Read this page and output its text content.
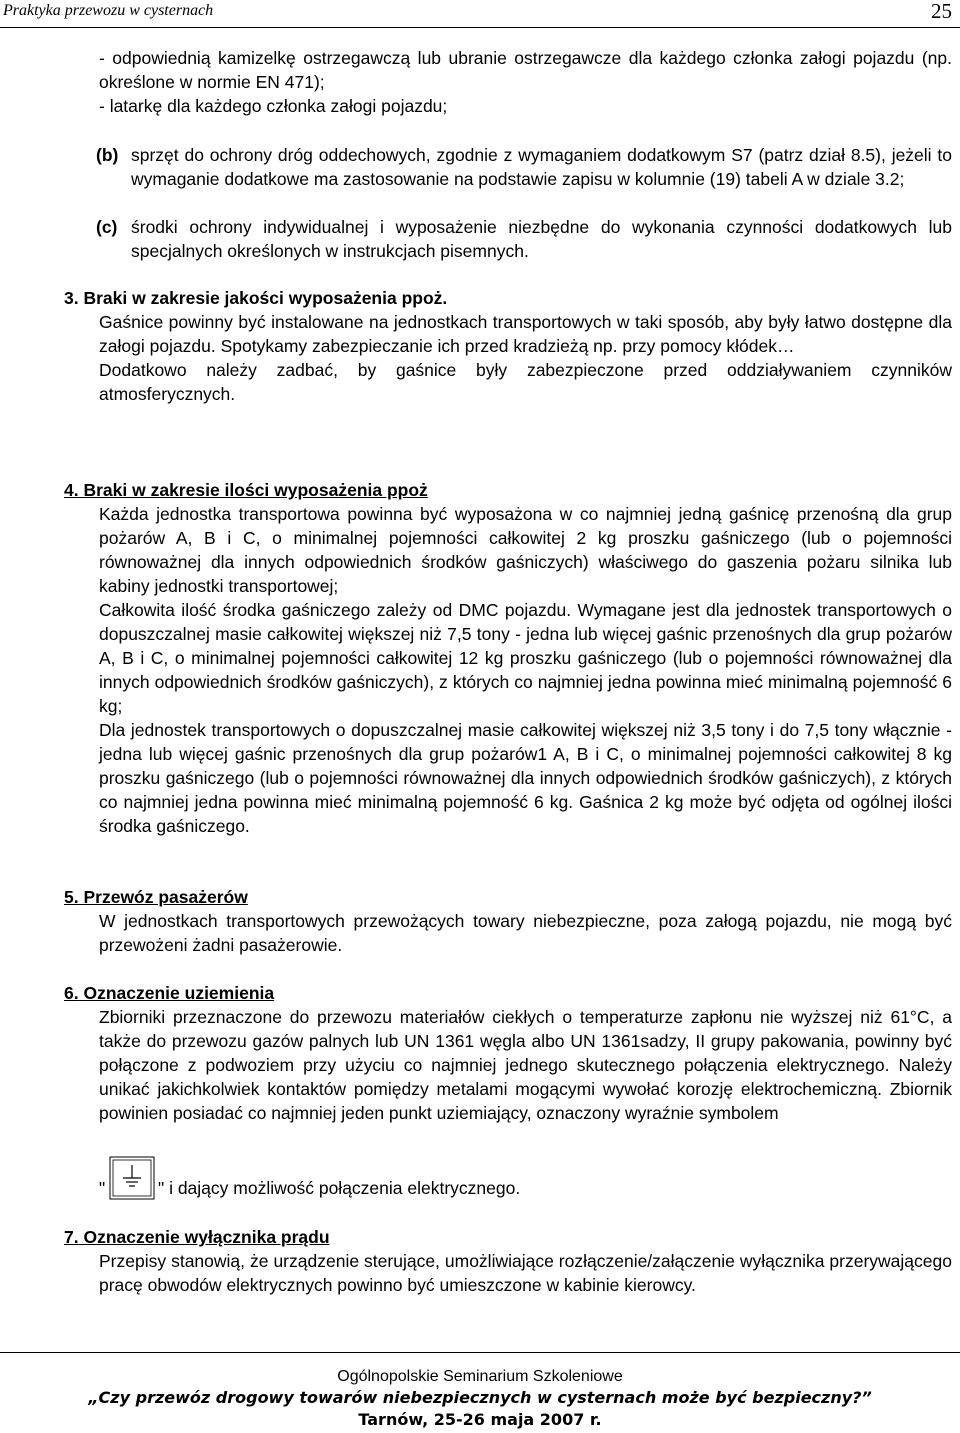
Praktyka przewozu w cysternach	25

- odpowiednią kamizelkę ostrzegawczą lub ubranie ostrzegawcze dla każdego członka załogi pojazdu (np. określone w normie EN 471);

- latarkę dla każdego członka załogi pojazdu;

(b) sprzęt do ochrony dróg oddechowych, zgodnie z wymaganiem dodatkowym S7 (patrz dział 8.5), jeżeli to wymaganie dodatkowe ma zastosowanie na podstawie zapisu w kolumnie (19) tabeli A w dziale 3.2;
(c) środki ochrony indywidualnej i wyposażenie niezbędne do wykonania czynności dodatkowych lub specjalnych określonych w instrukcjach pisemnych.
3. Braki w zakresie jakości wyposażenia ppoż.

Gaśnice powinny być instalowane na jednostkach transportowych w taki sposób, aby były łatwo dostępne dla załogi pojazdu. Spotykamy zabezpieczanie ich przed kradzieżą np. przy pomocy kłódek…

Dodatkowo należy zadbać, by gaśnice były zabezpieczone przed oddziaływaniem czynników atmosferycznych.

4. Braki w zakresie ilości wyposażenia ppoż

Każda jednostka transportowa powinna być wyposażona w co najmniej jedną gaśnicę przenośną dla grup pożarów A, B i C, o minimalnej pojemności całkowitej 2 kg proszku gaśniczego (lub o pojemności równoważnej dla innych odpowiednich środków gaśniczych) właściwego do gaszenia pożaru silnika lub kabiny jednostki transportowej;

Całkowita ilość środka gaśniczego zależy od DMC pojazdu. Wymagane jest dla jednostek transportowych o dopuszczalnej masie całkowitej większej niż 7,5 tony - jedna lub więcej gaśnic przenośnych dla grup pożarów A, B i C, o minimalnej pojemności całkowitej 12 kg proszku gaśniczego (lub o pojemności równoważnej dla innych odpowiednich środków gaśniczych), z których co najmniej jedna powinna mieć minimalną pojemność 6 kg;

Dla jednostek transportowych o dopuszczalnej masie całkowitej większej niż 3,5 tony i do 7,5 tony włącznie - jedna lub więcej gaśnic przenośnych dla grup pożarów1 A, B i C, o minimalnej pojemności całkowitej 8 kg proszku gaśniczego (lub o pojemności równoważnej dla innych odpowiednich środków gaśniczych), z których co najmniej jedna powinna mieć minimalną pojemność 6 kg. Gaśnica 2 kg może być odjęta od ogólnej ilości środka gaśniczego.

5. Przewóz pasażerów

W jednostkach transportowych przewożących towary niebezpieczne, poza załogą pojazdu, nie mogą być przewożeni żadni pasażerowie.

6. Oznaczenie uziemienia

Zbiorniki przeznaczone do przewozu materiałów ciekłych o temperaturze zapłonu nie wyższej niż 61°C, a także do przewozu gazów palnych lub UN 1361 węgla albo UN 1361sadzy, II grupy pakowania, powinny być połączone z podwoziem przy użyciu co najmniej jednego skutecznego połączenia elektrycznego. Należy unikać jakichkolwiek kontaktów pomiędzy metalami mogącymi wywołać korozję elektrochemiczną. Zbiornik powinien posiadać co najmniej jeden punkt uziemiający, oznaczony wyraźnie symbolem

"	" i dający możliwość połączenia elektrycznego.
7. Oznaczenie wyłącznika prądu

Przepisy stanowią, że urządzenie sterujące, umożliwiające rozłączenie/załączenie wyłącznika przerywającego pracę obwodów elektrycznych powinno być umieszczone w kabinie kierowcy.

Ogólnopolskie Seminarium Szkoleniowe
„Czy przewóz drogowy towarów niebezpiecznych w cysternach może być bezpieczny?”
Tarnów, 25-26 maja 2007 r.
